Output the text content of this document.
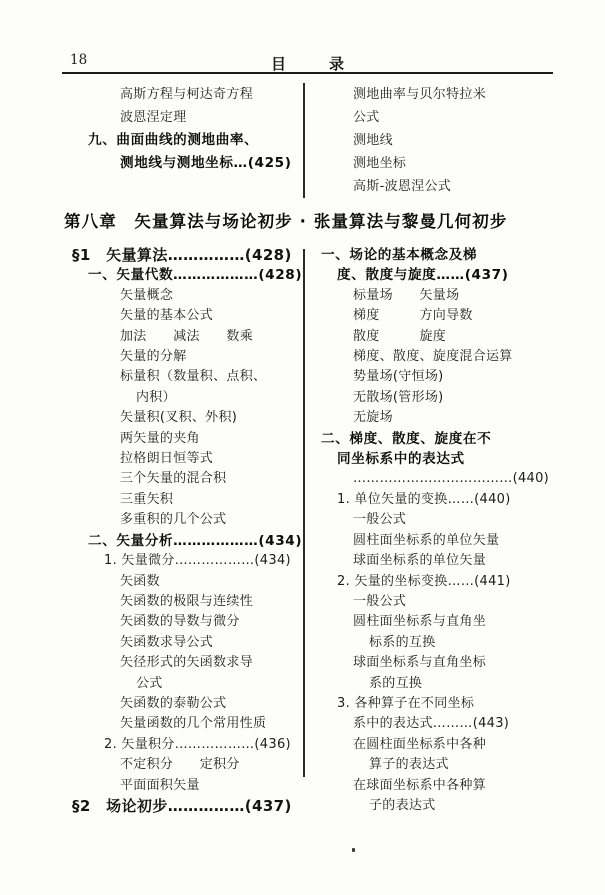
18	目　录
高斯方程与柯达奇方程
波恩涅定理
九、曲面曲线的测地曲率、
测地线与测地坐标…(425)
测地曲率与贝尔特拉米
公式
测地线
测地坐标
高斯-波恩涅公式
第八章　矢量算法与场论初步 · 张量算法与黎曼几何初步
§1　矢量算法……………(428)
一、矢量代数………………(428)
矢量概念
矢量的基本公式
加法　　减法　　数乘
矢量的分解
标量积（数量积、点积、
内积）
矢量积(叉积、外积)
两矢量的夹角
拉格朗日恒等式
三个矢量的混合积
三重矢积
多重积的几个公式
二、矢量分析………………(434)
1. 矢量微分………………(434)
矢函数
矢函数的极限与连续性
矢函数的导数与微分
矢函数求导公式
矢径形式的矢函数求导
公式
矢函数的泰勒公式
矢量函数的几个常用性质
2. 矢量积分………………(436)
不定积分　　定积分
平面面积矢量
§2　场论初步……………(437)
一、场论的基本概念及梯
度、散度与旋度……(437)
标量场　　矢量场
梯度　　　方向导数
散度　　　旋度
梯度、散度、旋度混合运算
势量场(守恒场)
无散场(管形场)
无旋场
二、梯度、散度、旋度在不
同坐标系中的表达式
………………………………(440)
1. 单位矢量的变换……(440)
一般公式
圆柱面坐标系的单位矢量
球面坐标系的单位矢量
2. 矢量的坐标变换……(441)
一般公式
圆柱面坐标系与直角坐
标系的互换
球面坐标系与直角坐标
系的互换
3. 各种算子在不同坐标
系中的表达式………(443)
在圆柱面坐标系中各种
算子的表达式
在球面坐标系中各种算
子的表达式
